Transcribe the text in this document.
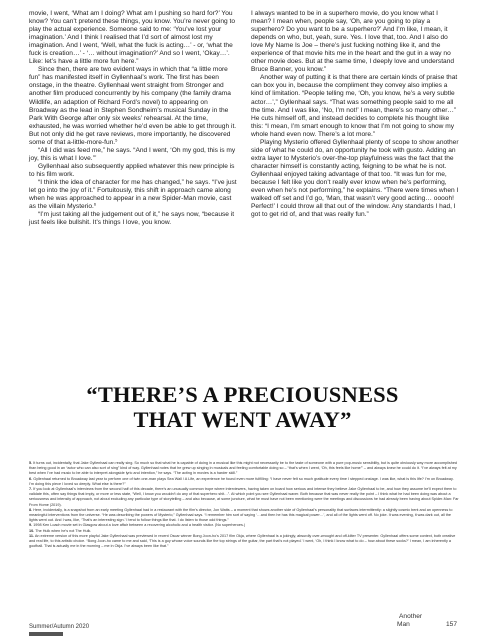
movie, I went, ‘What am I doing? What am I pushing so hard for?’ You know? You can’t pretend these things, you know. You’re never going to play the actual experience. Someone said to me: ‘You’ve lost your imagination.’ And I think I realised that I’d sort of almost lost my imagination. And I went, ‘Well, what the fuck is acting…’ - or, ‘what the fuck is creation…’ - ‘… without imagination?’ And so I went, ‘Okay…’. Like: let’s have a little more fun here.”

Since then, there are two evident ways in which that “a little more fun” has manifested itself in Gyllenhaal’s work. The first has been onstage, in the theatre. Gyllenhaal went straight from Stronger and another film produced concurrently by his company (the family drama Wildlife, an adaption of Richard Ford’s novel) to appearing on Broadway as the lead in Stephen Sondheim’s musical Sunday in the Park With George after only six weeks’ rehearsal. At the time, exhausted, he was worried whether he’d even be able to get through it. But not only did he get rave reviews, more importantly, he discovered some of that a-little-more-fun.$^5$

“All I did was feed me,” he says. “And I went, ‘Oh my god, this is my joy, this is what I love.’”

Gyllenhaal also subsequently applied whatever this new principle is to his film work.

“I think the idea of character for me has changed,” he says. “I’ve just let go into the joy of it.” Fortuitously, this shift in approach came along when he was approached to appear in a new Spider-Man movie, cast as the villain Mysterio.$^6$

“I’m just taking all the judgement out of it,” he says now, “because it just feels like bullshit. It’s things I love, you know.

I always wanted to be in a superhero movie, do you know what I mean? I mean when, people say, ‘Oh, are you going to play a superhero? Do you want to be a superhero?’ And I’m like, I mean, it depends on who, but, yeah, sure. Yes. I love that, too. And I also do love My Name Is Joe – there’s just fucking nothing like it, and the experience of that movie hits me in the heart and the gut in a way no other movie does. But at the same time, I deeply love and understand Bruce Banner, you know.”

Another way of putting it is that there are certain kinds of praise that can box you in, because the compliment they convey also implies a kind of limitation. “People telling me, ‘Oh, you know, he’s a very subtle actor…’,” Gyllenhaal says. “That was something people said to me all the time. And I was like, ‘No, I’m not!’ I mean, there’s so many other…” He cuts himself off, and instead decides to complete his thought like this: “I mean, I’m smart enough to know that I’m not going to show my whole hand even now. There’s a lot more.”

Playing Mysterio offered Gyllenhaal plenty of scope to show another side of what he could do, an opportunity he took with gusto. Adding an extra layer to Mysterio’s over-the-top playfulness was the fact that the character himself is constantly acting, feigning to be what he is not. Gyllenhaal enjoyed taking advantage of that too. “It was fun for me, because I felt like you don’t really ever know when he’s performing, even when he’s not performing,” he explains. “There were times when I walked off set and I’d go, ‘Man, that wasn’t very good acting… ooooh! Perfect!’ I could throw all that out of the window. Any standards I had, I got to get rid of, and that was really fun.”

“THERE’S A PRECIOUSNESS
THAT WENT AWAY”

5. It turns out, incidentally, that Jake Gyllenhaal can really sing. So much so that what he is capable of doing in a musical like this might not necessarily be to the taste of someone with a pure pop-music sensibility, but is quite obviously way more accomplished than being good in an “actor who can also sort of sing” kind of way. Gyllenhaal notes that he grew up singing in musicals and feeling comfortable doing so – “that’s when I went, ‘Oh, this feels like home’” – and always knew he could do it. “I’ve always felt at my best when I’ve had music to be able to interpret alongside lyric and intention,” he says. “The acting in movies is a harder skill.”

6. Gyllenhaal returned to Broadway last year to perform one of twin one-man plays Sea Wall / A Life, an experience he found even more fulfilling: “I have never felt so much gratitude every time I stepped onstage. I was like, what is this life? I’m on Broadway. I’m doing this piece I loved so deeply. What else is there?”

7. If you look at Gyllenhaal’s interviews from the second half of this decade, there’s an unusually common trope where interviewers, having taken on board how serious and intense they believe Jake Gyllenhaal to be, and how they assume he’ll expect them to validate this, often say things that imply, or more or less state, “Well, I know you wouldn’t do any of that superhero shit…”. At which point you see Gyllenhaal waver. Both because that was never really the point – I think what he had been doing was about a seriousness and intensity of approach, not about excluding any particular type of storytelling – and also because, at some juncture, what he must have not been mentioning were the meetings and discussions he had already been having about Spider-Man: Far From Home (2019).

8. Here, incidentally, is a snapshot from an early meeting Gyllenhaal had in a restaurant with the film’s director, Jon Watts – a moment that shows another side of Gyllenhaal’s personality that surfaces intermittently: a slightly cosmic bent and an openness to meaningful interventions from the universe. “He was describing the powers of Mysterio,” Gyllenhaal says. “I remember him sort of saying ‘…and then he has this magical power…’, and all of the lights went off. No joke. It was evening, it was dark out, all the lights went out. And I was, like, ‘That’s an interesting sign.’ I tend to follow things like that. I do listen to those odd things.”

9. 1998 Ken Loach movie set in Glasgow about a love affair between a recovering alcoholic and a health visitor. (No superheroes.)

10. The Hulk when he’s not The Hulk.

11. An extreme version of this more playful Jake Gyllenhaal was previewed in recent Oscar winner Bong Joon-ho’s 2017 film Okja, where Gyllenhaal is a jokingly, absurdly over-wrought and off-kilter TV presenter. Gyllenhaal offers some context, both creative and real life, to this artistic choice. “Bong Joon-ho came to me and said, ‘This is a guy whose voice sounds like the top strings of the guitar, the part that’s not played.’ I went, ‘Oh, I think I know what to do – how about these socks?’ I mean, I am inherently a goofball. That is actually me in the morning – me in Okja. I’ve always been like that.”

Summer/Autumn 2020
Another
Man	157
